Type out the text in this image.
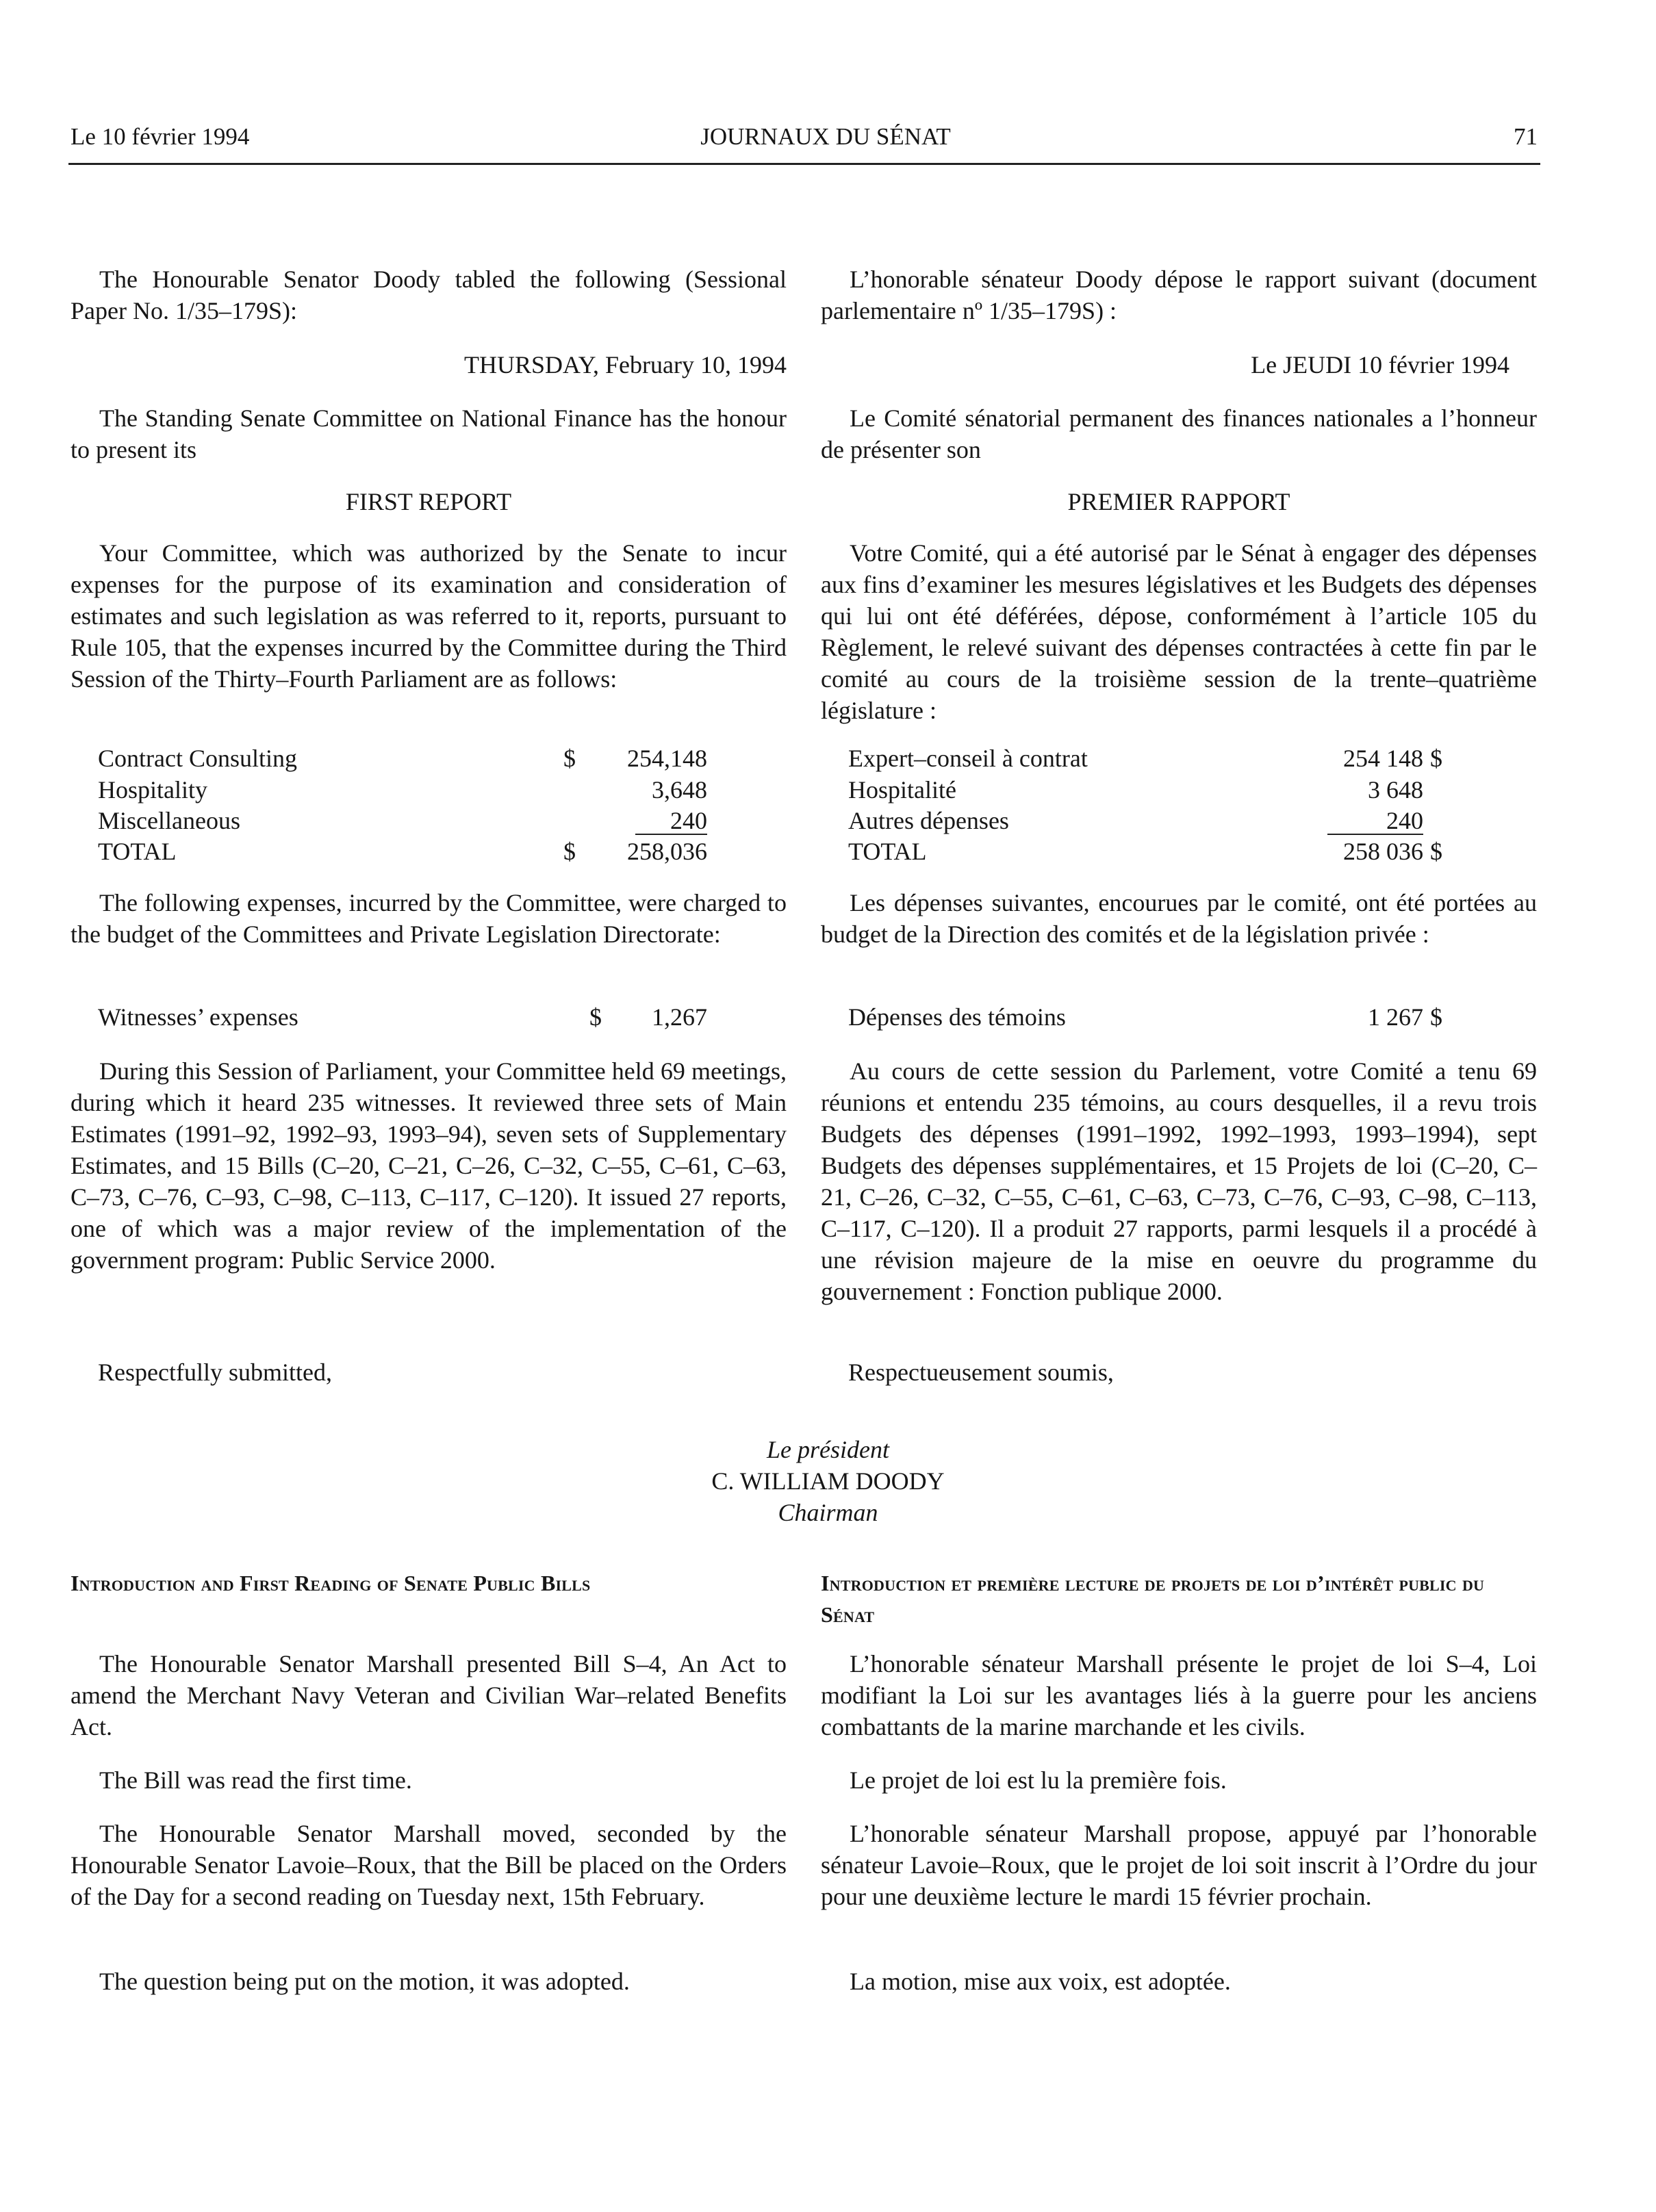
Le 10 février 1994	JOURNAUX DU SÉNAT	71

The Honourable Senator Doody tabled the following (Sessional Paper No. 1/35–179S):

THURSDAY, February 10, 1994

The Standing Senate Committee on National Finance has the honour to present its

FIRST REPORT

Your Committee, which was authorized by the Senate to incur expenses for the purpose of its examination and consideration of estimates and such legislation as was referred to it, reports, pursuant to Rule 105, that the expenses incurred by the Committee during the Third Session of the Thirty–Fourth Parliament are as follows:

Contract Consulting	$	254,148
Hospitality	3,648
Miscellaneous	240
TOTAL	$	258,036

The following expenses, incurred by the Committee, were charged to the budget of the Committees and Private Legislation Directorate:

Witnesses’ expenses	$	1,267

During this Session of Parliament, your Committee held 69 meetings, during which it heard 235 witnesses. It reviewed three sets of Main Estimates (1991–92, 1992–93, 1993–94), seven sets of Supplementary Estimates, and 15 Bills (C–20, C–21, C–26, C–32, C–55, C–61, C–63, C–73, C–76, C–93, C–98, C–113, C–117, C–120). It issued 27 reports, one of which was a major review of the implementation of the government program: Public Service 2000.

Respectfully submitted,
Introduction and First Reading of Senate Public Bills

The Honourable Senator Marshall presented Bill S–4, An Act to amend the Merchant Navy Veteran and Civilian War–related Benefits Act.

The Bill was read the first time.

The Honourable Senator Marshall moved, seconded by the Honourable Senator Lavoie–Roux, that the Bill be placed on the Orders of the Day for a second reading on Tuesday next, 15th February.

The question being put on the motion, it was adopted.

L’honorable sénateur Doody dépose le rapport suivant (document parlementaire nº 1/35–179S) :

Le JEUDI 10 février 1994

Le Comité sénatorial permanent des finances nationales a l’honneur de présenter son

PREMIER RAPPORT

Votre Comité, qui a été autorisé par le Sénat à engager des dépenses aux fins d’examiner les mesures législatives et les Budgets des dépenses qui lui ont été déférées, dépose, conformément à l’article 105 du Règlement, le relevé suivant des dépenses contractées à cette fin par le comité au cours de la troisième session de la trente–quatrième législature :

Expert–conseil à contrat	254 148 $
Hospitalité	3 648
Autres dépenses	240
TOTAL	258 036 $

Les dépenses suivantes, encourues par le comité, ont été portées au budget de la Direction des comités et de la législation privée :

Dépenses des témoins	1 267 $

Au cours de cette session du Parlement, votre Comité a tenu 69 réunions et entendu 235 témoins, au cours desquelles, il a revu trois Budgets des dépenses (1991–1992, 1992–1993, 1993–1994), sept Budgets des dépenses supplémentaires, et 15 Projets de loi (C–20, C–21, C–26, C–32, C–55, C–61, C–63, C–73, C–76, C–93, C–98, C–113, C–117, C–120). Il a produit 27 rapports, parmi lesquels il a procédé à une révision majeure de la mise en oeuvre du programme du gouvernement : Fonction publique 2000.

Respectueusement soumis,
Introduction et première lecture de projets de loi d’intérêt public du Sénat

L’honorable sénateur Marshall présente le projet de loi S–4, Loi modifiant la Loi sur les avantages liés à la guerre pour les anciens combattants de la marine marchande et les civils.

Le projet de loi est lu la première fois.

L’honorable sénateur Marshall propose, appuyé par l’honorable sénateur Lavoie–Roux, que le projet de loi soit inscrit à l’Ordre du jour pour une deuxième lecture le mardi 15 février prochain.

La motion, mise aux voix, est adoptée.

Le président
C. WILLIAM DOODY
Chairman
